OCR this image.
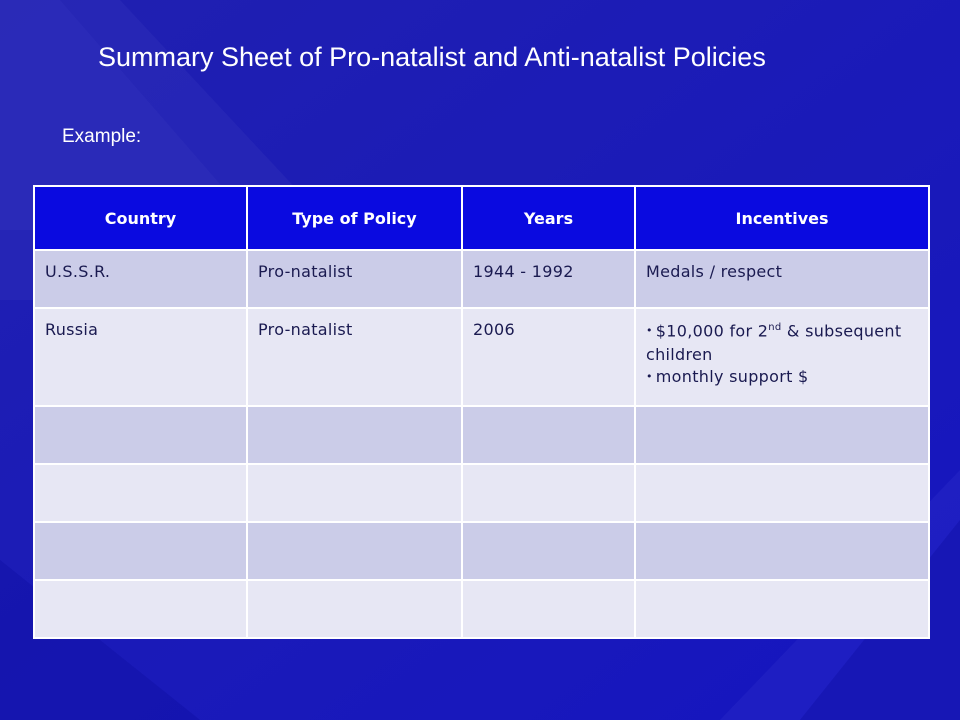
Summary Sheet of Pro-natalist and Anti-natalist Policies
Example:
Country	Type of Policy	Years	Incentives
U.S.S.R.	Pro-natalist	1944 - 1992	Medals / respect
Russia	Pro-natalist	2006	• $10,000 for 2nd & subsequent children
• monthly support $
